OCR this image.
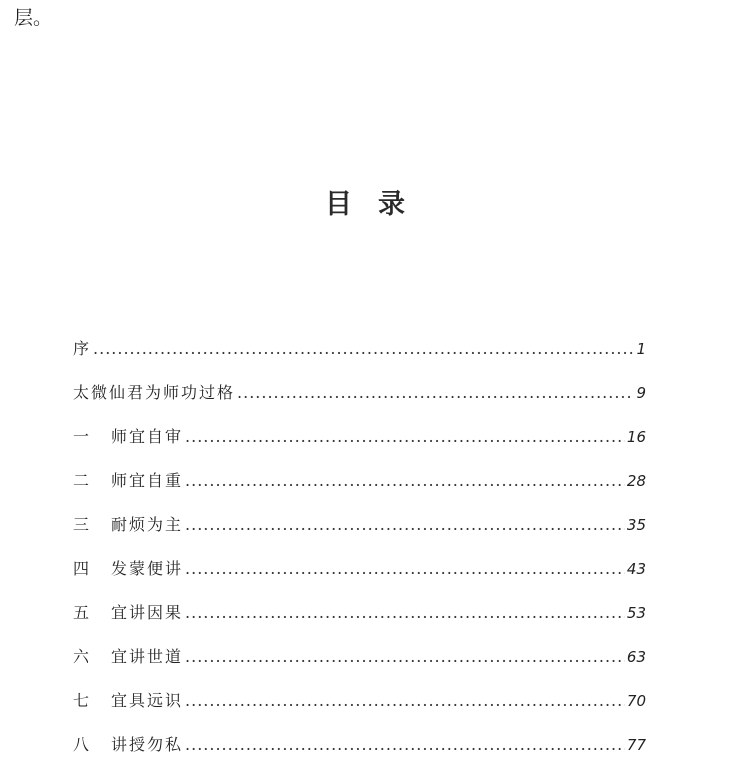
层。
目录
序 .....	1
太微仙君为师功过格 .....	9
一	师宜自审 .....	16
二	师宜自重 .....	28
三	耐烦为主 .....	35
四	发蒙便讲 .....	43
五	宜讲因果 .....	53
六	宜讲世道 .....	63
七	宜具远识 .....	70
八	讲授勿私 .....	77
.....
